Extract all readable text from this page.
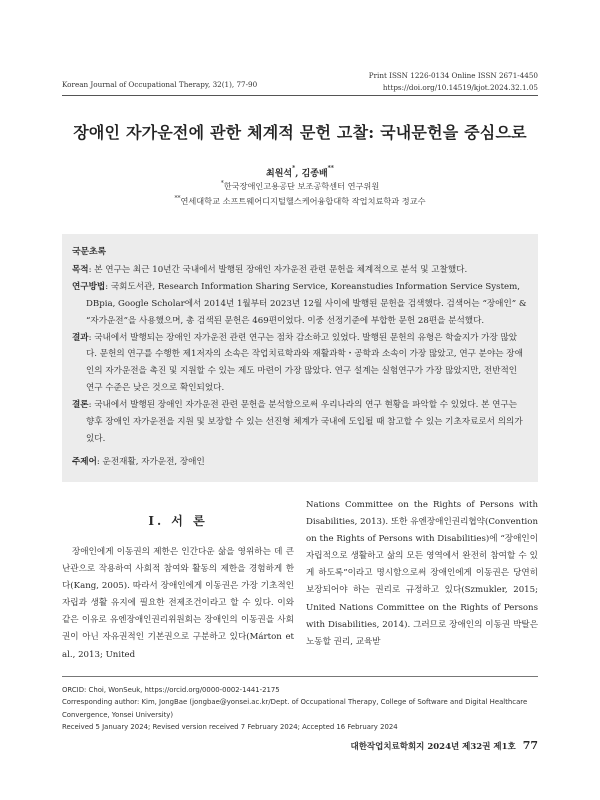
Korean Journal of Occupational Therapy, 32(1), 77-90
Print ISSN 1226-0134 Online ISSN 2671-4450
https://doi.org/10.14519/kjot.2024.32.1.05
장애인 자가운전에 관한 체계적 문헌 고찰: 국내문헌을 중심으로
최원석*, 김종배**
*한국장애인고용공단 보조공학센터 연구위원
**연세대학교 소프트웨어디지털헬스케어융합대학 작업치료학과 정교수
국문초록
목적: 본 연구는 최근 10년간 국내에서 발행된 장애인 자가운전 관련 문헌을 체계적으로 분석 및 고찰했다.
연구방법: 국회도서관, Research Information Sharing Service, Koreanstudies Information Service System, DBpia, Google Scholar에서 2014년 1월부터 2023년 12월 사이에 발행된 문헌을 검색했다. 검색어는 “장애인” & “자가운전”을 사용했으며, 총 검색된 문헌은 469편이었다. 이중 선정기준에 부합한 문헌 28편을 분석했다.
결과: 국내에서 발행되는 장애인 자가운전 관련 연구는 점차 감소하고 있었다. 발행된 문헌의 유형은 학술지가 가장 많았다. 문헌의 연구를 수행한 제1저자의 소속은 작업치료학과와 재활과학・공학과 소속이 가장 많았고, 연구 분야는 장애인의 자가운전을 촉진 및 지원할 수 있는 제도 마련이 가장 많았다. 연구 설계는 실험연구가 가장 많았지만, 전반적인 연구 수준은 낮은 것으로 확인되었다.
결론: 국내에서 발행된 장애인 자가운전 관련 문헌을 분석함으로써 우리나라의 연구 현황을 파악할 수 있었다. 본 연구는 향후 장애인 자가운전을 지원 및 보장할 수 있는 선진형 체계가 국내에 도입될 때 참고할 수 있는 기초자료로서 의의가 있다.
주제어: 운전재활, 자가운전, 장애인
Ⅰ. 서 론

장애인에게 이동권의 제한은 인간다운 삶을 영위하는 데 큰 난관으로 작용하여 사회적 참여와 활동의 제한을 경험하게 한다(Kang, 2005). 따라서 장애인에게 이동권은 가장 기초적인 자립과 생활 유지에 필요한 전제조건이라고 할 수 있다. 이와 같은 이유로 유엔장애인권리위원회는 장애인의 이동권을 사회권이 아닌 자유권적인 기본권으로 구분하고 있다(Márton et al., 2013; United

Nations Committee on the Rights of Persons with Disabilities, 2013). 또한 유엔장애인권리협약(Convention on the Rights of Persons with Disabilities)에 “장애인이 자립적으로 생활하고 삶의 모든 영역에서 완전히 참여할 수 있게 하도록”이라고 명시함으로써 장애인에게 이동권은 당연히 보장되어야 하는 권리로 규정하고 있다(Szmukler, 2015; United Nations Committee on the Rights of Persons with Disabilities, 2014). 그러므로 장애인의 이동권 박탈은 노동할 권리, 교육받

ORCID: Choi, WonSeuk, https://orcid.org/0000-0002-1441-2175
Corresponding author: Kim, JongBae (jongbae@yonsei.ac.kr/Dept. of Occupational Therapy, College of Software and Digital Healthcare Convergence, Yonsei University)
Received 5 January 2024; Revised version received 7 February 2024; Accepted 16 February 2024
대한작업치료학회지 2024년 제32권 제1호 77
